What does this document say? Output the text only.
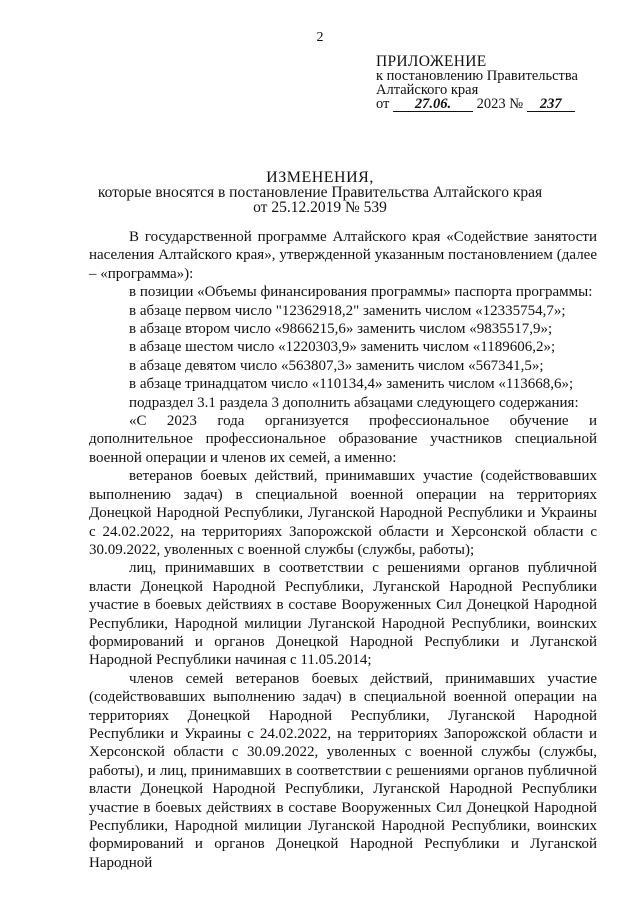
2
ПРИЛОЖЕНИЕ
к постановлению Правительства
Алтайского края
от 27.06. 2023 № 237
ИЗМЕНЕНИЯ,
которые вносятся в постановление Правительства Алтайского края
от 25.12.2019 № 539

В государственной программе Алтайского края «Содействие занятости населения Алтайского края», утвержденной указанным постановлением (далее – «программа»):

в позиции «Объемы финансирования программы» паспорта программы:

в абзаце первом число "12362918,2" заменить числом «12335754,7»;

в абзаце втором число «9866215,6» заменить числом «9835517,9»;

в абзаце шестом число «1220303,9» заменить числом «1189606,2»;

в абзаце девятом число «563807,3» заменить числом «567341,5»;

в абзаце тринадцатом число «110134,4» заменить числом «113668,6»;

подраздел 3.1 раздела 3 дополнить абзацами следующего содержания:

«С 2023 года организуется профессиональное обучение и дополнительное профессиональное образование участников специальной военной операции и членов их семей, а именно:

ветеранов боевых действий, принимавших участие (содействовавших выполнению задач) в специальной военной операции на территориях Донецкой Народной Республики, Луганской Народной Республики и Украины с 24.02.2022, на территориях Запорожской области и Херсонской области с 30.09.2022, уволенных с военной службы (службы, работы);

лиц, принимавших в соответствии с решениями органов публичной власти Донецкой Народной Республики, Луганской Народной Республики участие в боевых действиях в составе Вооруженных Сил Донецкой Народной Республики, Народной милиции Луганской Народной Республики, воинских формирований и органов Донецкой Народной Республики и Луганской Народной Республики начиная с 11.05.2014;

членов семей ветеранов боевых действий, принимавших участие (содействовавших выполнению задач) в специальной военной операции на территориях Донецкой Народной Республики, Луганской Народной Республики и Украины с 24.02.2022, на территориях Запорожской области и Херсонской области с 30.09.2022, уволенных с военной службы (службы, работы), и лиц, принимавших в соответствии с решениями органов публичной власти Донецкой Народной Республики, Луганской Народной Республики участие в боевых действиях в составе Вооруженных Сил Донецкой Народной Республики, Народной милиции Луганской Народной Республики, воинских формирований и органов Донецкой Народной Республики и Луганской Народной
